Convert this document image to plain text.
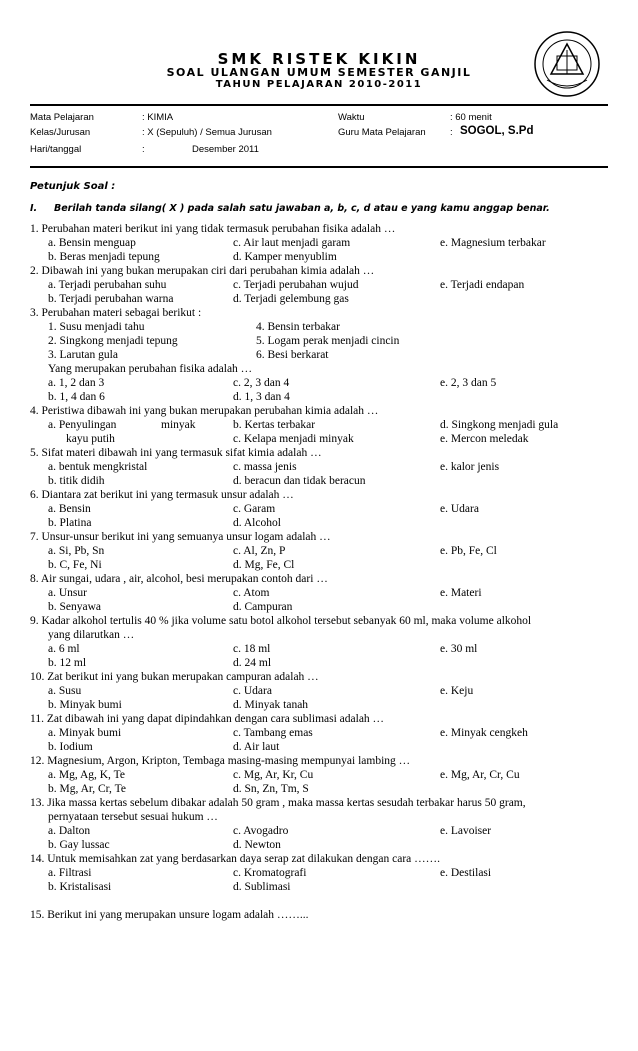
SMK RISTEK KIKIN
SOAL ULANGAN UMUM SEMESTER GANJIL
TAHUN PELAJARAN 2010-2011
Mata Pelajaran	: KIMIA	Waktu	: 60 menit
Kelas/Jurusan	: X (Sepuluh) / Semua Jurusan	Guru Mata Pelajaran	: SOGOL, S.Pd
Hari/tanggal	:	Desember 2011
Petunjuk Soal :
I. Berilah tanda silang( X ) pada salah satu jawaban a, b, c, d atau e yang kamu anggap benar.
1. Perubahan materi berikut ini yang tidak termasuk perubahan fisika adalah …
a. Bensin menguap
b. Beras menjadi tepung
c. Air laut menjadi garam
d. Kamper menyublim
e. Magnesium terbakar
2. Dibawah ini yang bukan merupakan ciri dari perubahan kimia adalah …
a. Terjadi perubahan suhu
b. Terjadi perubahan warna
c. Terjadi perubahan wujud
d. Terjadi gelembung gas
e. Terjadi endapan
3. Perubahan materi sebagai berikut :
1. Susu menjadi tahu
2. Singkong menjadi tepung
3. Larutan gula
4. Bensin terbakar
5. Logam perak menjadi cincin
6. Besi berkarat
Yang merupakan perubahan fisika adalah …
a. 1, 2 dan 3
b. 1, 4 dan 6
c. 2, 3 dan 4
d. 1, 3 dan 4
e. 2, 3 dan 5
4. Peristiwa dibawah ini yang bukan merupakan perubahan kimia adalah …
a. Penyulingan	minyak
kayu putih
b. Kertas terbakar
c. Kelapa menjadi minyak
d. Singkong menjadi gula
e. Mercon meledak
5. Sifat materi dibawah ini yang termasuk sifat kimia adalah …
a. bentuk mengkristal
b. titik didih
c. massa jenis
d. beracun dan tidak beracun
e. kalor jenis
6. Diantara zat berikut ini yang termasuk unsur adalah …
a. Bensin
b. Platina
c. Garam
d. Alcohol
e. Udara
7. Unsur-unsur berikut ini yang semuanya unsur logam adalah …
a. Si, Pb, Sn
b. C, Fe, Ni
c. Al, Zn, P
d. Mg, Fe, Cl
e. Pb, Fe, Cl
8. Air sungai, udara , air, alcohol, besi merupakan contoh dari …
a. Unsur
b. Senyawa
c. Atom
d. Campuran
e. Materi
9. Kadar alkohol tertulis 40 % jika volume satu botol alkohol tersebut sebanyak 60 ml, maka volume alkohol
yang dilarutkan …
a. 6 ml
b. 12 ml
c. 18 ml
d. 24 ml
e. 30 ml
10. Zat berikut ini yang bukan merupakan campuran adalah …
a. Susu
b. Minyak bumi
c. Udara
d. Minyak tanah
e. Keju
11. Zat dibawah ini yang dapat dipindahkan dengan cara sublimasi adalah …
a. Minyak bumi
b. Iodium
c. Tambang emas
d. Air laut
e. Minyak cengkeh
12. Magnesium, Argon, Kripton, Tembaga masing-masing mempunyai lambing …
a. Mg, Ag, K, Te
b. Mg, Ar, Cr, Te
c. Mg, Ar, Kr, Cu
d. Sn, Zn, Tm, S
e. Mg, Ar, Cr, Cu
13. Jika massa kertas sebelum dibakar adalah 50 gram , maka massa kertas sesudah terbakar harus 50 gram,
pernyataan tersebut sesuai hukum …
a. Dalton
b. Gay lussac
c. Avogadro
d. Newton
e. Lavoiser
14. Untuk memisahkan zat yang berdasarkan daya serap zat dilakukan dengan cara …….
a. Filtrasi
b. Kristalisasi
c. Kromatografi
d. Sublimasi
e. Destilasi
15. Berikut ini yang merupakan unsure logam adalah ……...
